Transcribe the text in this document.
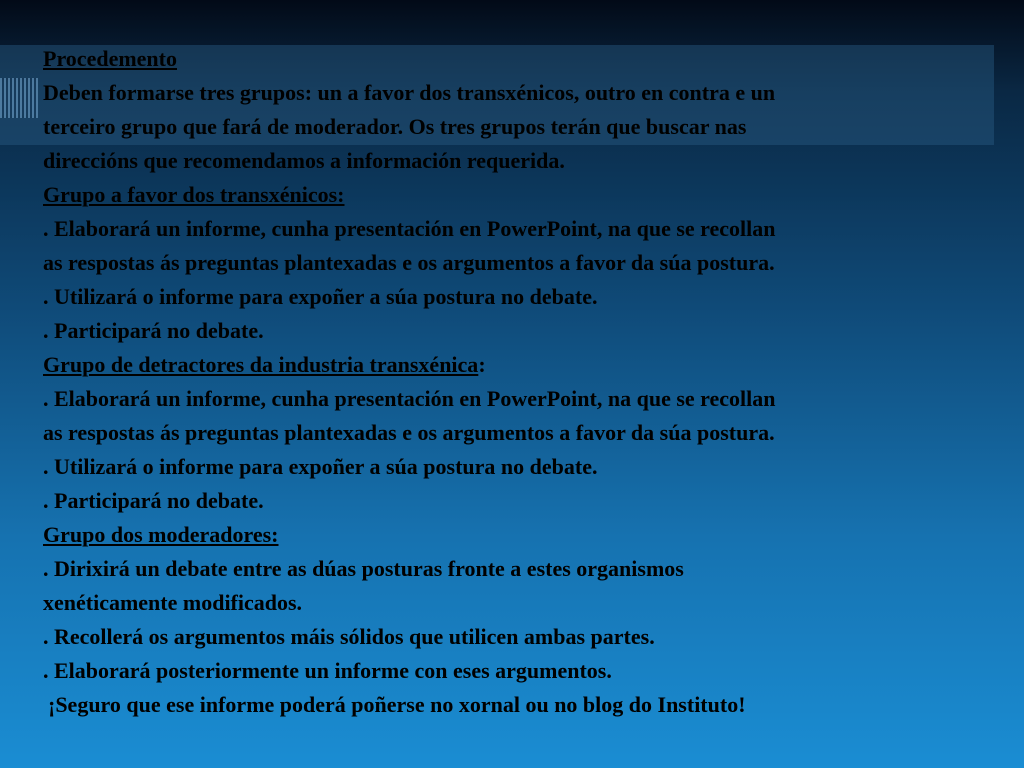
Procedemento
Deben formarse tres grupos: un a favor dos transxénicos, outro en contra e un
terceiro grupo que fará de moderador. Os tres grupos terán que buscar nas
direccións que recomendamos a información requerida.
Grupo a favor dos transxénicos:
. Elaborará un informe, cunha presentación en PowerPoint, na que se recollan
as respostas ás preguntas plantexadas e os argumentos a favor da súa postura.
. Utilizará o informe para expoñer a súa postura no debate.
. Participará no debate.
Grupo de detractores da industria transxénica:
. Elaborará un informe, cunha presentación en PowerPoint, na que se recollan
as respostas ás preguntas plantexadas e os argumentos a favor da súa postura.
. Utilizará o informe para expoñer a súa postura no debate.
. Participará no debate.
Grupo dos moderadores:
. Dirixirá un debate entre as dúas posturas fronte a estes organismos
xenéticamente modificados.
. Recollerá os argumentos máis sólidos que utilicen ambas partes.
. Elaborará posteriormente un informe con eses argumentos.
¡Seguro que ese informe poderá poñerse no xornal ou no blog do Instituto!
